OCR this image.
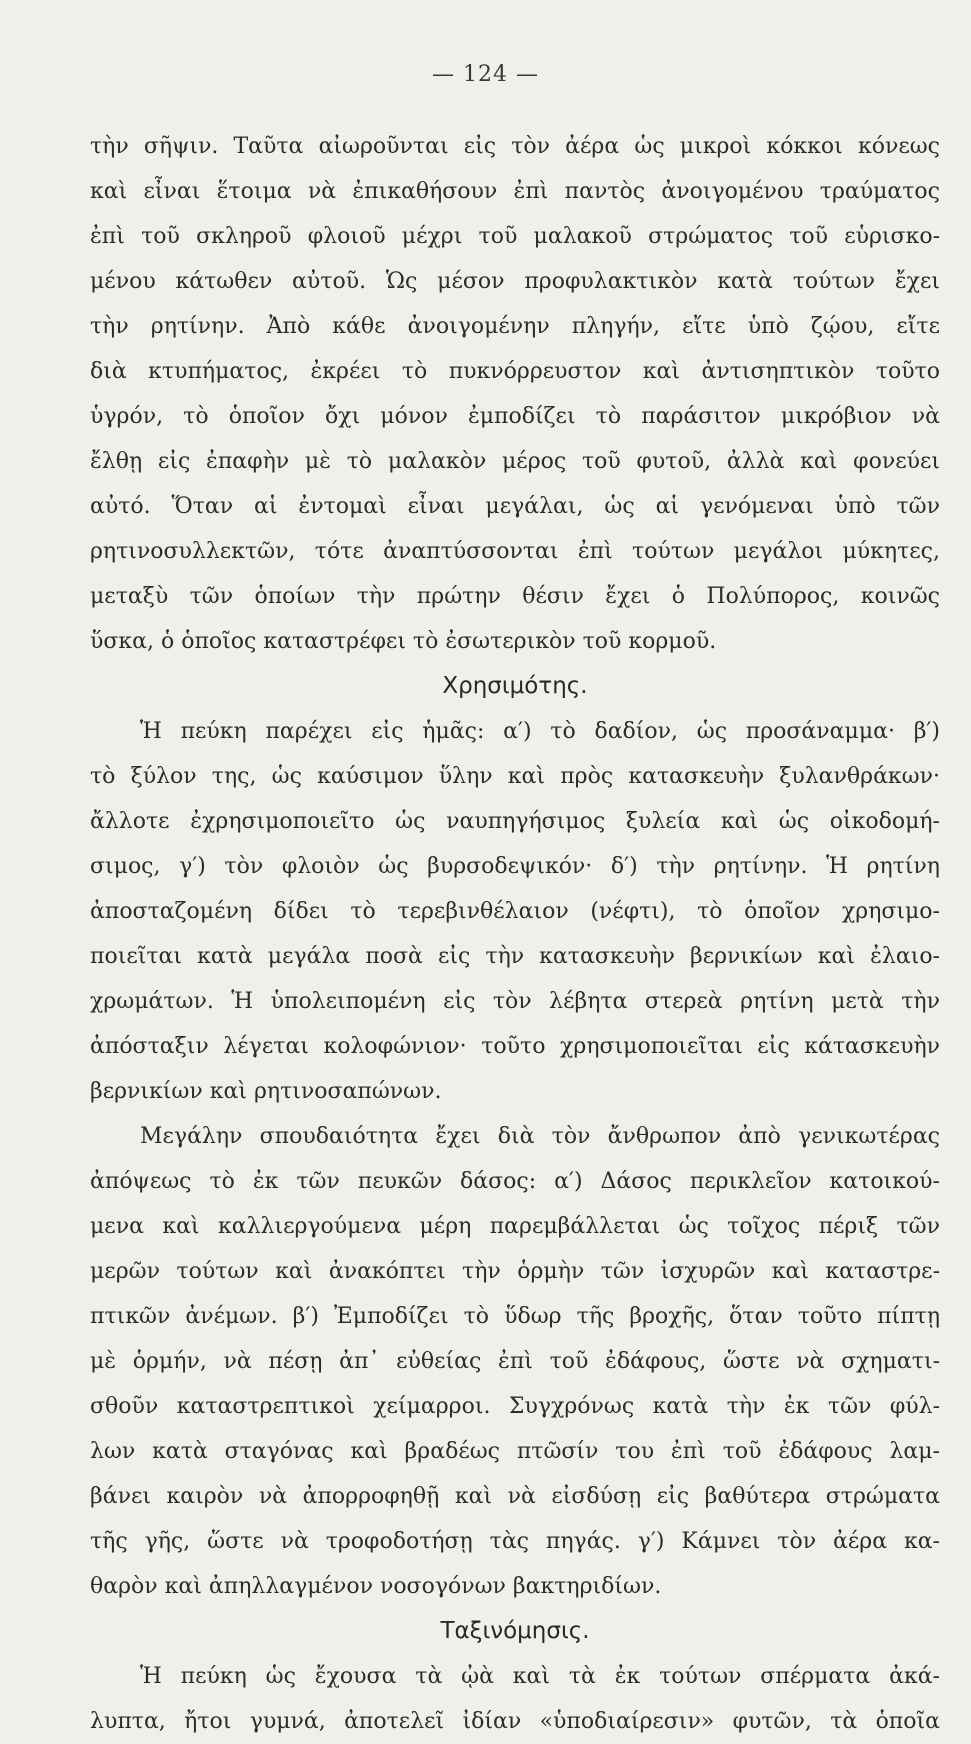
— 124 —
τὴν σῆψιν. Ταῦτα αἰωροῦνται εἰς τὸν ἀέρα ὡς μικροὶ κόκκοι κόνεως
καὶ εἶναι ἕτοιμα νὰ ἐπικαθήσουν ἐπὶ παντὸς ἀνοιγομένου τραύματος
ἐπὶ τοῦ σκληροῦ φλοιοῦ μέχρι τοῦ μαλακοῦ στρώματος τοῦ εὑρισκο-
μένου κάτωθεν αὐτοῦ. Ὡς μέσον προφυλακτικὸν κατὰ τούτων ἔχει
τὴν ρητίνην. Ἀπὸ κάθε ἀνοιγομένην πληγήν, εἴτε ὑπὸ ζῴου, εἴτε
διὰ κτυπήματος, ἐκρέει τὸ πυκνόρρευστον καὶ ἀντισηπτικὸν τοῦτο
ὑγρόν, τὸ ὁποῖον ὄχι μόνον ἐμποδίζει τὸ παράσιτον μικρόβιον νὰ
ἔλθῃ εἰς ἐπαφὴν μὲ τὸ μαλακὸν μέρος τοῦ φυτοῦ, ἀλλὰ καὶ φονεύει
αὐτό. Ὅταν αἱ ἐντομαὶ εἶναι μεγάλαι, ὡς αἱ γενόμεναι ὑπὸ τῶν
ρητινοσυλλεκτῶν, τότε ἀναπτύσσονται ἐπὶ τούτων μεγάλοι μύκητες,
μεταξὺ τῶν ὁποίων τὴν πρώτην θέσιν ἔχει ὁ Πολύπορος, κοινῶς
ὕσκα, ὁ ὁποῖος καταστρέφει τὸ ἐσωτερικὸν τοῦ κορμοῦ.
Χρησιμότης.
Ἡ πεύκη παρέχει εἰς ἡμᾶς: α′) τὸ δαδίον, ὡς προσάναμμα· β′)
τὸ ξύλον της, ὡς καύσιμον ὕλην καὶ πρὸς κατασκευὴν ξυλανθράκων·
ἄλλοτε ἐχρησιμοποιεῖτο ὡς ναυπηγήσιμος ξυλεία καὶ ὡς οἰκοδομή-
σιμος, γ′) τὸν φλοιὸν ὡς βυρσοδεψικόν· δ′) τὴν ρητίνην. Ἡ ρητίνη
ἀποσταζομένη δίδει τὸ τερεβινθέλαιον (νέφτι), τὸ ὁποῖον χρησιμο-
ποιεῖται κατὰ μεγάλα ποσὰ εἰς τὴν κατασκευὴν βερνικίων καὶ ἐλαιο-
χρωμάτων. Ἡ ὑπολειπομένη εἰς τὸν λέβητα στερεὰ ρητίνη μετὰ τὴν
ἀπόσταξιν λέγεται κολοφώνιον· τοῦτο χρησιμοποιεῖται εἰς κάτασκευὴν
βερνικίων καὶ ρητινοσαπώνων.
Μεγάλην σπουδαιότητα ἔχει διὰ τὸν ἄνθρωπον ἀπὸ γενικωτέρας
ἀπόψεως τὸ ἐκ τῶν πευκῶν δάσος: α′) Δάσος περικλεῖον κατοικού-
μενα καὶ καλλιεργούμενα μέρη παρεμβάλλεται ὡς τοῖχος πέριξ τῶν
μερῶν τούτων καὶ ἀνακόπτει τὴν ὁρμὴν τῶν ἰσχυρῶν καὶ καταστρε-
πτικῶν ἀνέμων. β′) Ἐμποδίζει τὸ ὕδωρ τῆς βροχῆς, ὅταν τοῦτο πίπτῃ
μὲ ὁρμήν, νὰ πέσῃ ἀπ᾿ εὐθείας ἐπὶ τοῦ ἐδάφους, ὥστε νὰ σχηματι-
σθοῦν καταστρεπτικοὶ χείμαρροι. Συγχρόνως κατὰ τὴν ἐκ τῶν φύλ-
λων κατὰ σταγόνας καὶ βραδέως πτῶσίν του ἐπὶ τοῦ ἐδάφους λαμ-
βάνει καιρὸν νὰ ἀπορροφηθῇ καὶ νὰ εἰσδύσῃ εἰς βαθύτερα στρώματα
τῆς γῆς, ὥστε νὰ τροφοδοτήσῃ τὰς πηγάς. γ′) Κάμνει τὸν ἀέρα κα-
θαρὸν καὶ ἀπηλλαγμένον νοσογόνων βακτηριδίων.
Ταξινόμησις.
Ἡ πεύκη ὡς ἔχουσα τὰ ᾠὰ καὶ τὰ ἐκ τούτων σπέρματα ἀκά-
λυπτα, ἤτοι γυμνά, ἀποτελεῖ ἰδίαν «ὑποδιαίρεσιν» φυτῶν, τὰ ὁποῖα
